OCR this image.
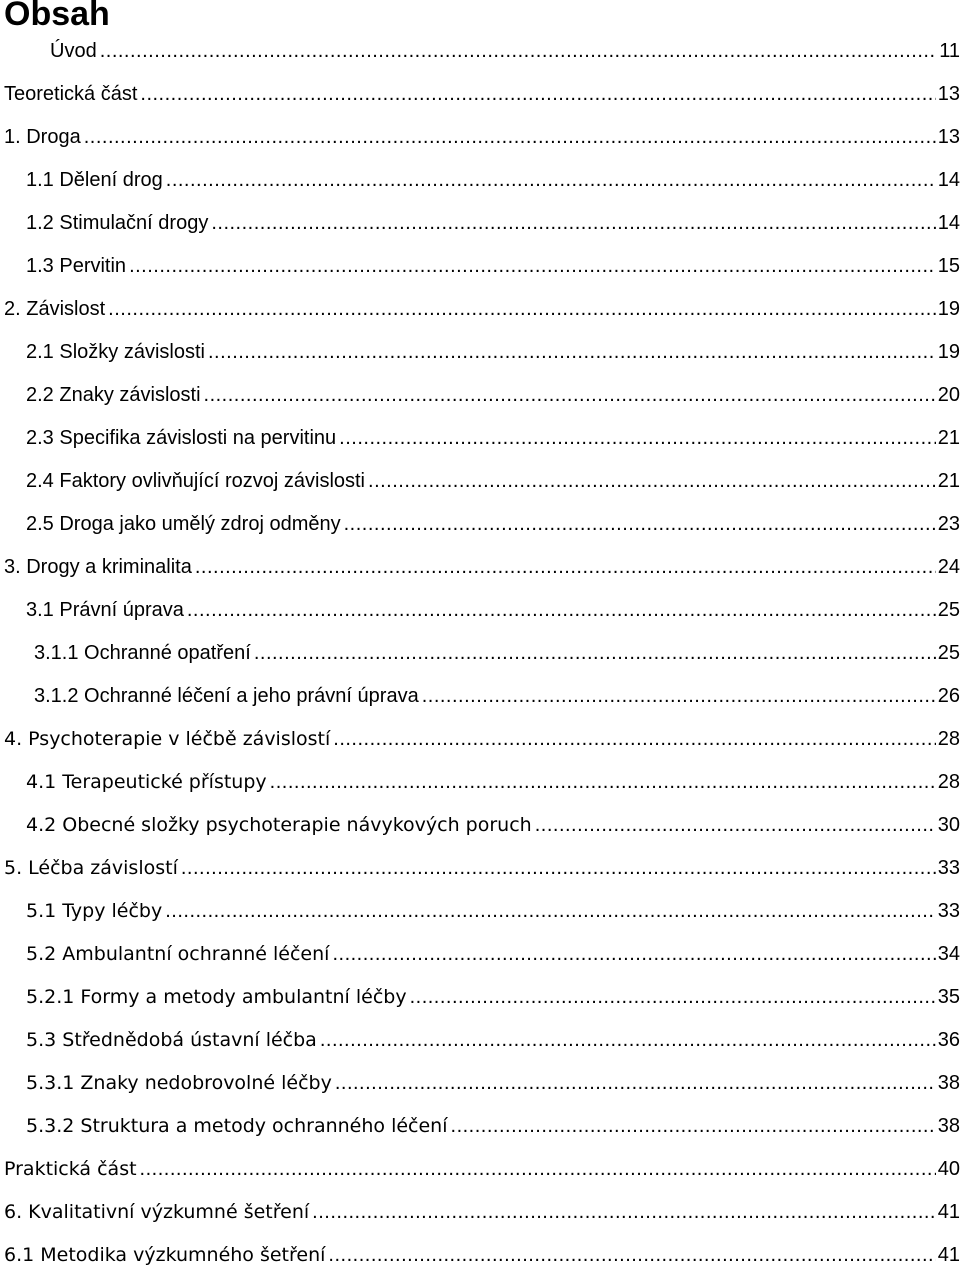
Obsah
Úvod .....	11
Teoretická část .....	13
1. Droga .....	13
1.1 Dělení drog .....	14
1.2 Stimulační drogy .....	14
1.3 Pervitin .....	15
2. Závislost .....	19
2.1 Složky závislosti .....	19
2.2 Znaky závislosti .....	20
2.3 Specifika závislosti na pervitinu .....	21
2.4 Faktory ovlivňující rozvoj závislosti .....	21
2.5 Droga jako umělý zdroj odměny .....	23
3. Drogy a kriminalita .....	24
3.1 Právní úprava .....	25
3.1.1 Ochranné opatření .....	25
3.1.2 Ochranné léčení a jeho právní úprava .....	26
4. Psychoterapie v léčbě závislostí .....	28
4.1 Terapeutické přístupy .....	28
4.2 Obecné složky psychoterapie návykových poruch .....	30
5. Léčba závislostí .....	33
5.1 Typy léčby .....	33
5.2 Ambulantní ochranné léčení .....	34
5.2.1 Formy a metody ambulantní léčby .....	35
5.3 Střednědobá ústavní léčba .....	36
5.3.1 Znaky nedobrovolné léčby .....	38
5.3.2 Struktura a metody ochranného léčení .....	38
Praktická část .....	40
6. Kvalitativní výzkumné šetření .....	41
6.1 Metodika výzkumného šetření .....	41
